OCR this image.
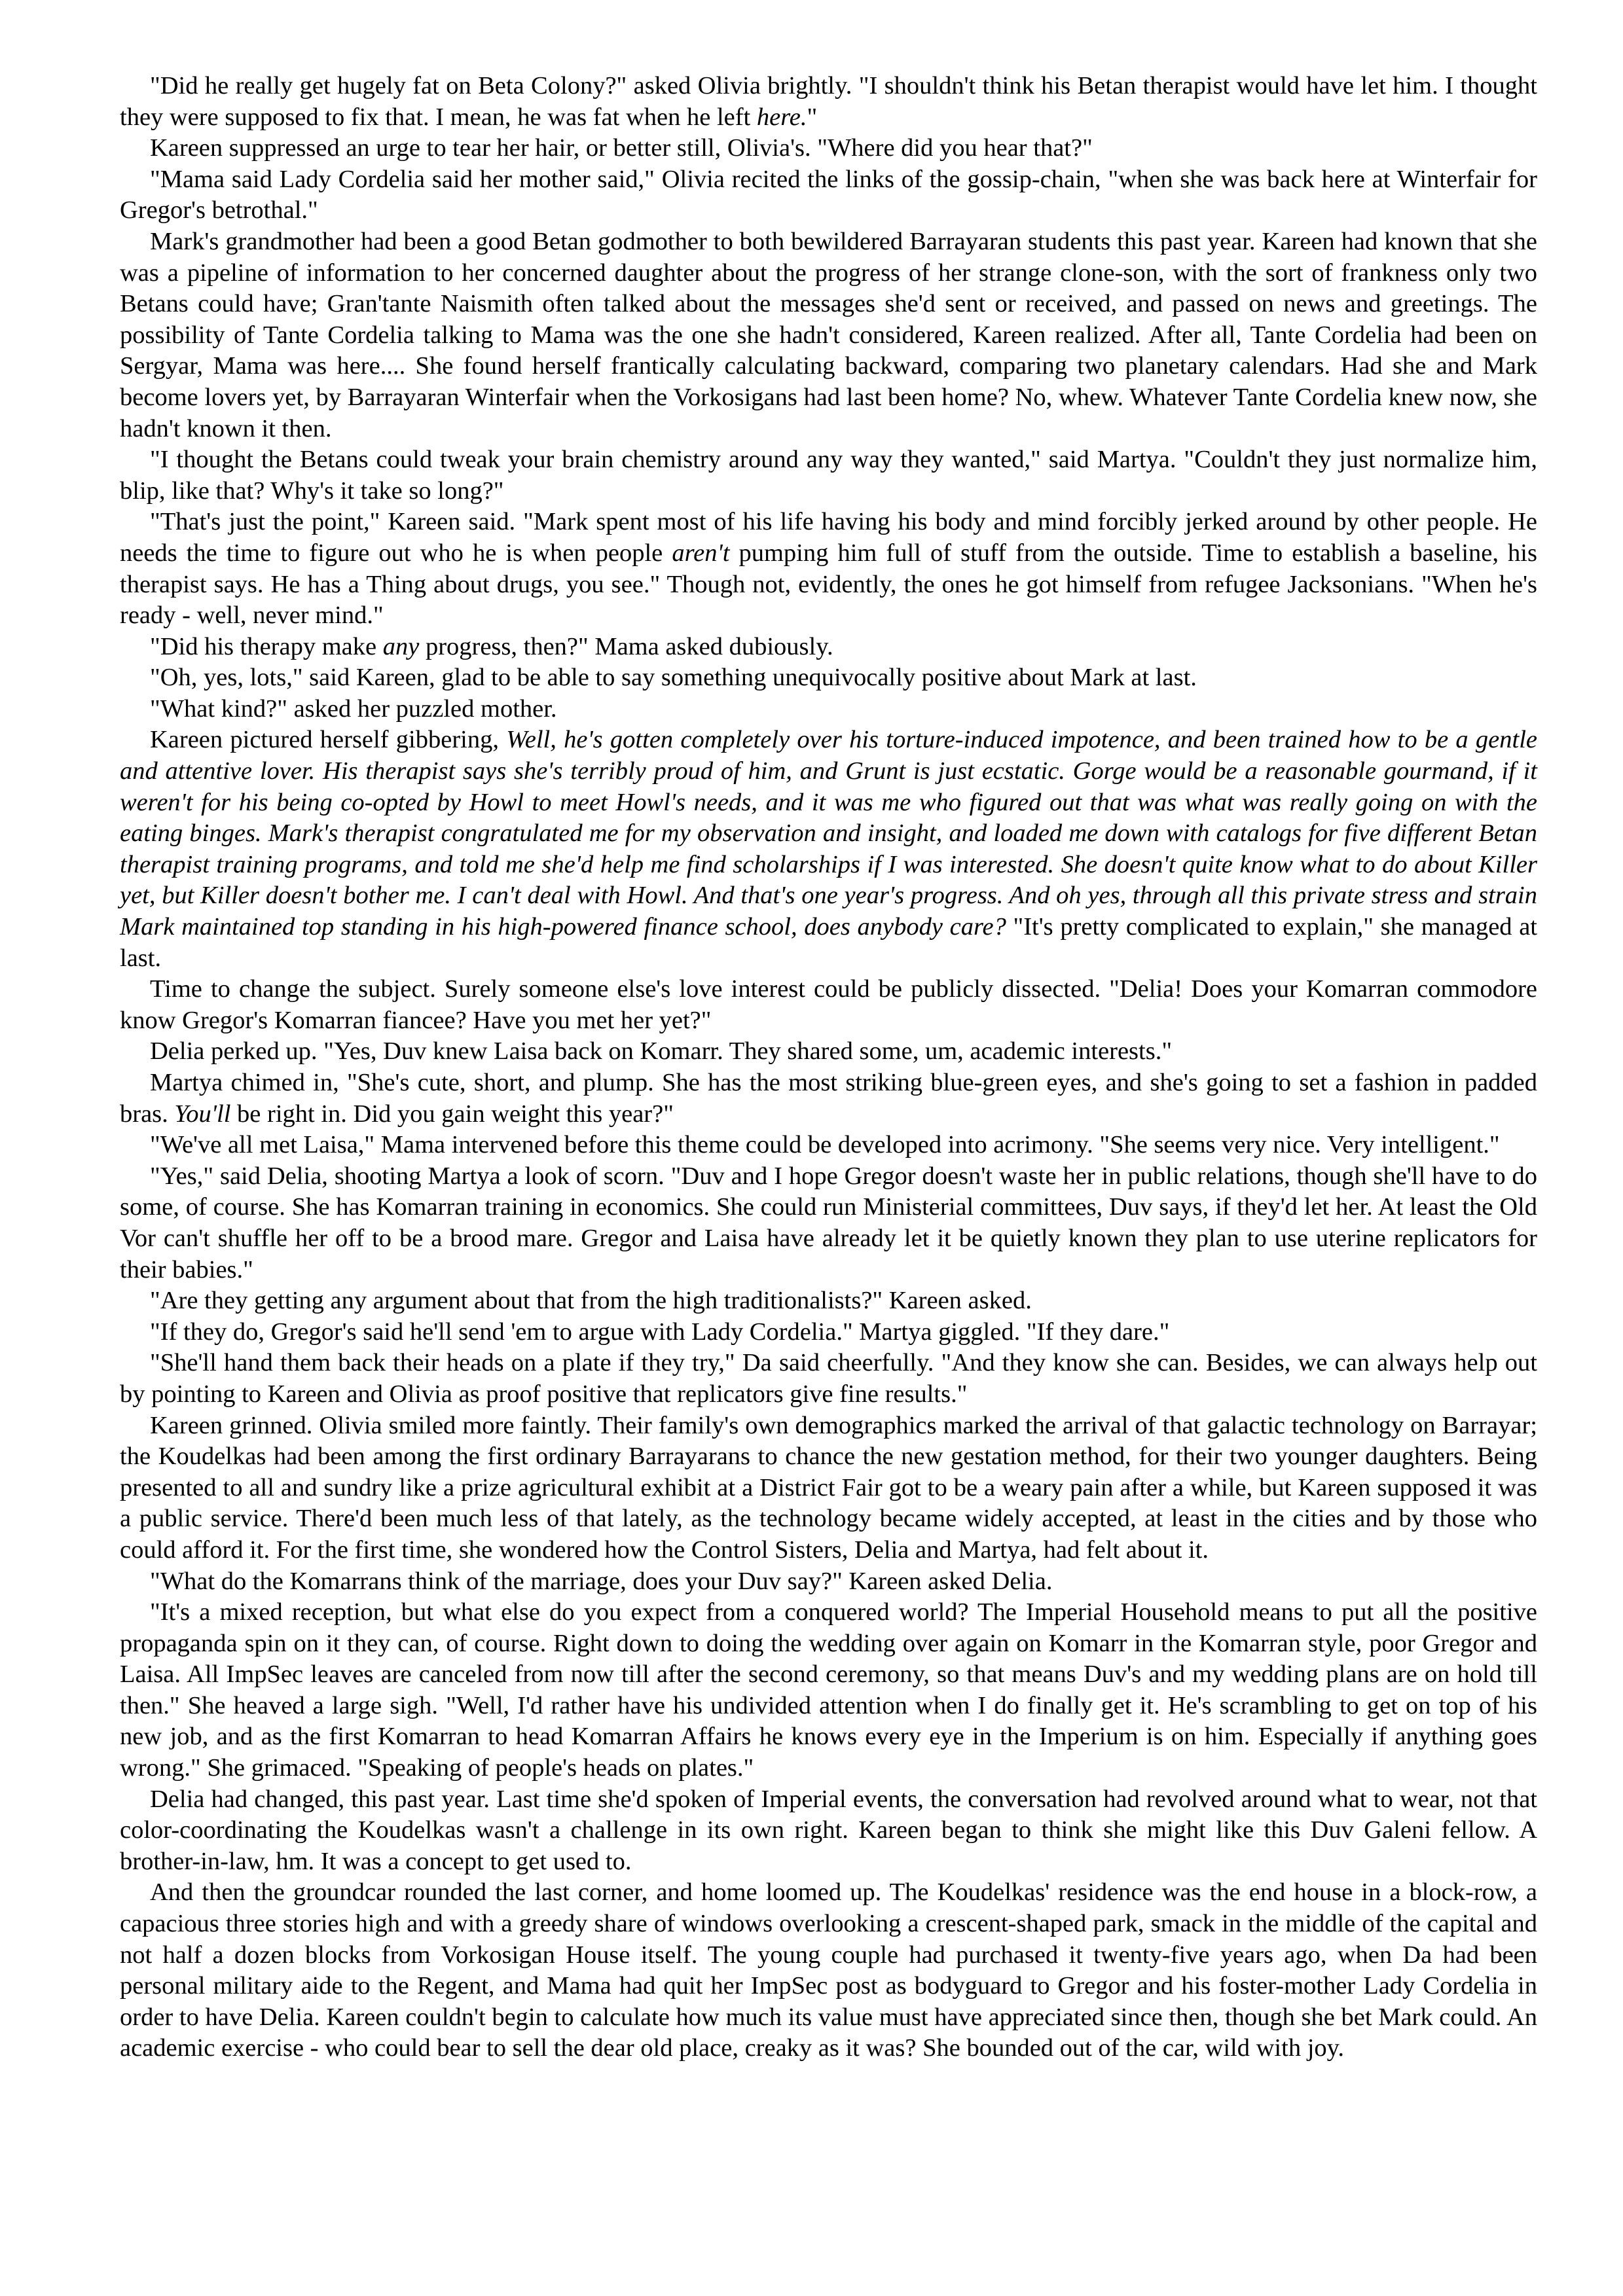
"Did he really get hugely fat on Beta Colony?" asked Olivia brightly. "I shouldn't think his Betan therapist would have let him. I thought they were supposed to fix that. I mean, he was fat when he left here."

Kareen suppressed an urge to tear her hair, or better still, Olivia's. "Where did you hear that?"

"Mama said Lady Cordelia said her mother said," Olivia recited the links of the gossip-chain, "when she was back here at Winterfair for Gregor's betrothal."

Mark's grandmother had been a good Betan godmother to both bewildered Barrayaran students this past year. Kareen had known that she was a pipeline of information to her concerned daughter about the progress of her strange clone-son, with the sort of frankness only two Betans could have; Gran'tante Naismith often talked about the messages she'd sent or received, and passed on news and greetings. The possibility of Tante Cordelia talking to Mama was the one she hadn't considered, Kareen realized. After all, Tante Cordelia had been on Sergyar, Mama was here.... She found herself frantically calculating backward, comparing two planetary calendars. Had she and Mark become lovers yet, by Barrayaran Winterfair when the Vorkosigans had last been home? No, whew. Whatever Tante Cordelia knew now, she hadn't known it then.

"I thought the Betans could tweak your brain chemistry around any way they wanted," said Martya. "Couldn't they just normalize him, blip, like that? Why's it take so long?"

"That's just the point," Kareen said. "Mark spent most of his life having his body and mind forcibly jerked around by other people. He needs the time to figure out who he is when people aren't pumping him full of stuff from the outside. Time to establish a baseline, his therapist says. He has a Thing about drugs, you see." Though not, evidently, the ones he got himself from refugee Jacksonians. "When he's ready - well, never mind."

"Did his therapy make any progress, then?" Mama asked dubiously.

"Oh, yes, lots," said Kareen, glad to be able to say something unequivocally positive about Mark at last.

"What kind?" asked her puzzled mother.

Kareen pictured herself gibbering, Well, he's gotten completely over his torture-induced impotence, and been trained how to be a gentle and attentive lover. His therapist says she's terribly proud of him, and Grunt is just ecstatic. Gorge would be a reasonable gourmand, if it weren't for his being co-opted by Howl to meet Howl's needs, and it was me who figured out that was what was really going on with the eating binges. Mark's therapist congratulated me for my observation and insight, and loaded me down with catalogs for five different Betan therapist training programs, and told me she'd help me find scholarships if I was interested. She doesn't quite know what to do about Killer yet, but Killer doesn't bother me. I can't deal with Howl. And that's one year's progress. And oh yes, through all this private stress and strain Mark maintained top standing in his high-powered finance school, does anybody care? "It's pretty complicated to explain," she managed at last.

Time to change the subject. Surely someone else's love interest could be publicly dissected. "Delia! Does your Komarran commodore know Gregor's Komarran fiancee? Have you met her yet?"

Delia perked up. "Yes, Duv knew Laisa back on Komarr. They shared some, um, academic interests."

Martya chimed in, "She's cute, short, and plump. She has the most striking blue-green eyes, and she's going to set a fashion in padded bras. You'll be right in. Did you gain weight this year?"

"We've all met Laisa," Mama intervened before this theme could be developed into acrimony. "She seems very nice. Very intelligent."

"Yes," said Delia, shooting Martya a look of scorn. "Duv and I hope Gregor doesn't waste her in public relations, though she'll have to do some, of course. She has Komarran training in economics. She could run Ministerial committees, Duv says, if they'd let her. At least the Old Vor can't shuffle her off to be a brood mare. Gregor and Laisa have already let it be quietly known they plan to use uterine replicators for their babies."

"Are they getting any argument about that from the high traditionalists?" Kareen asked.

"If they do, Gregor's said he'll send 'em to argue with Lady Cordelia." Martya giggled. "If they dare."

"She'll hand them back their heads on a plate if they try," Da said cheerfully. "And they know she can. Besides, we can always help out by pointing to Kareen and Olivia as proof positive that replicators give fine results."

Kareen grinned. Olivia smiled more faintly. Their family's own demographics marked the arrival of that galactic technology on Barrayar; the Koudelkas had been among the first ordinary Barrayarans to chance the new gestation method, for their two younger daughters. Being presented to all and sundry like a prize agricultural exhibit at a District Fair got to be a weary pain after a while, but Kareen supposed it was a public service. There'd been much less of that lately, as the technology became widely accepted, at least in the cities and by those who could afford it. For the first time, she wondered how the Control Sisters, Delia and Martya, had felt about it.

"What do the Komarrans think of the marriage, does your Duv say?" Kareen asked Delia.

"It's a mixed reception, but what else do you expect from a conquered world? The Imperial Household means to put all the positive propaganda spin on it they can, of course. Right down to doing the wedding over again on Komarr in the Komarran style, poor Gregor and Laisa. All ImpSec leaves are canceled from now till after the second ceremony, so that means Duv's and my wedding plans are on hold till then." She heaved a large sigh. "Well, I'd rather have his undivided attention when I do finally get it. He's scrambling to get on top of his new job, and as the first Komarran to head Komarran Affairs he knows every eye in the Imperium is on him. Especially if anything goes wrong." She grimaced. "Speaking of people's heads on plates."

Delia had changed, this past year. Last time she'd spoken of Imperial events, the conversation had revolved around what to wear, not that color-coordinating the Koudelkas wasn't a challenge in its own right. Kareen began to think she might like this Duv Galeni fellow. A brother-in-law, hm. It was a concept to get used to.

And then the groundcar rounded the last corner, and home loomed up. The Koudelkas' residence was the end house in a block-row, a capacious three stories high and with a greedy share of windows overlooking a crescent-shaped park, smack in the middle of the capital and not half a dozen blocks from Vorkosigan House itself. The young couple had purchased it twenty-five years ago, when Da had been personal military aide to the Regent, and Mama had quit her ImpSec post as bodyguard to Gregor and his foster-mother Lady Cordelia in order to have Delia. Kareen couldn't begin to calculate how much its value must have appreciated since then, though she bet Mark could. An academic exercise - who could bear to sell the dear old place, creaky as it was? She bounded out of the car, wild with joy.
